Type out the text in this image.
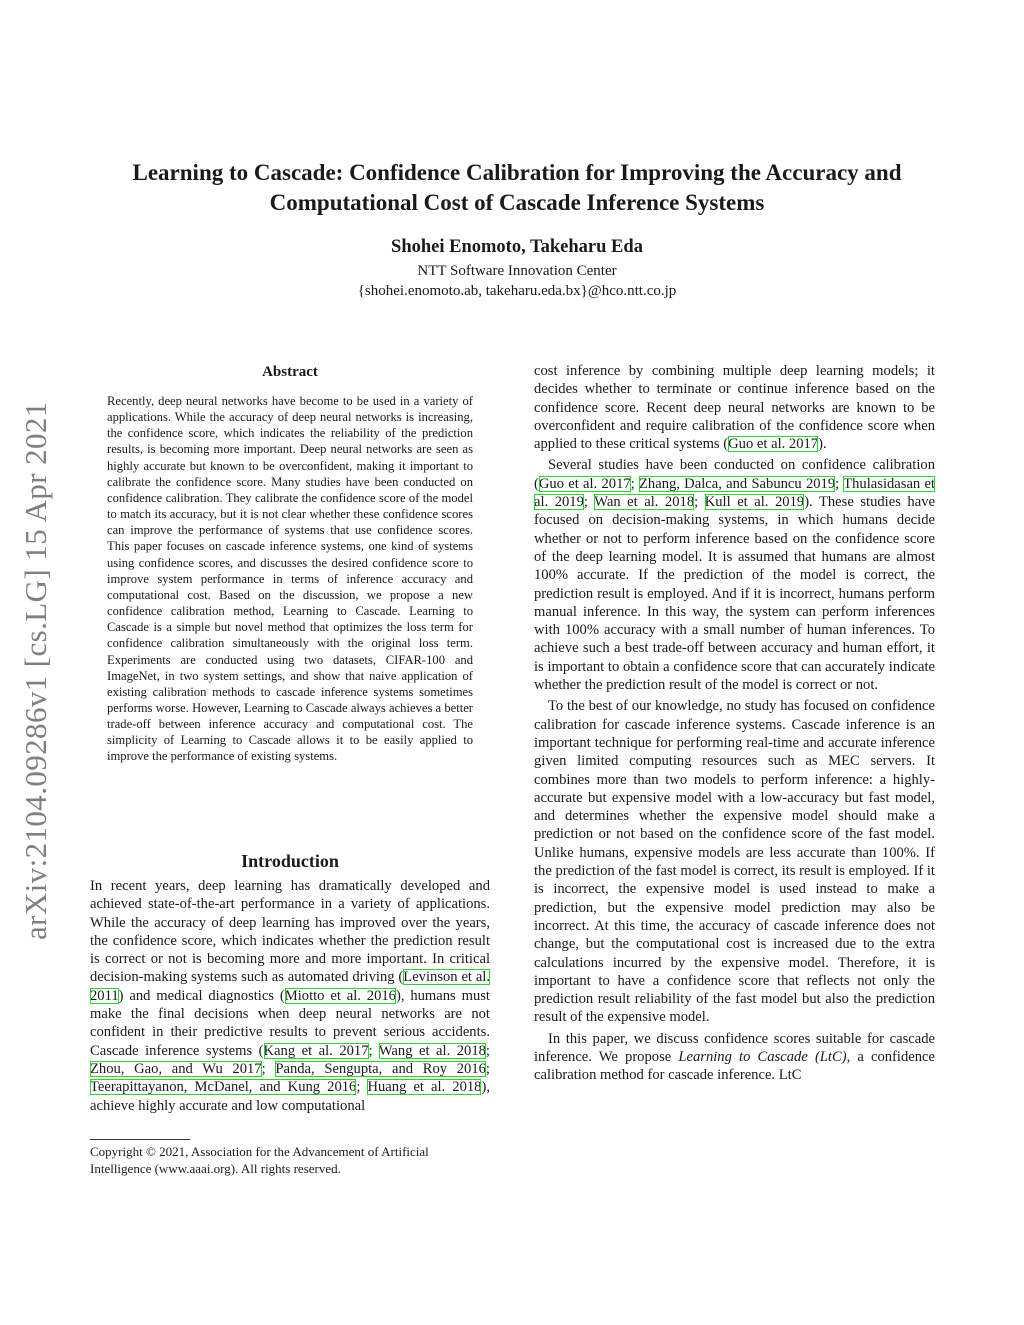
arXiv:2104.09286v1 [cs.LG] 15 Apr 2021
Learning to Cascade: Confidence Calibration for Improving the Accuracy and Computational Cost of Cascade Inference Systems
Shohei Enomoto, Takeharu Eda
NTT Software Innovation Center
{shohei.enomoto.ab, takeharu.eda.bx}@hco.ntt.co.jp
Abstract

Recently, deep neural networks have become to be used in a variety of applications. While the accuracy of deep neural networks is increasing, the confidence score, which indicates the reliability of the prediction results, is becoming more important. Deep neural networks are seen as highly accurate but known to be overconfident, making it important to calibrate the confidence score. Many studies have been conducted on confidence calibration. They calibrate the confidence score of the model to match its accuracy, but it is not clear whether these confidence scores can improve the performance of systems that use confidence scores. This paper focuses on cascade inference systems, one kind of systems using confidence scores, and discusses the desired confidence score to improve system performance in terms of inference accuracy and computational cost. Based on the discussion, we propose a new confidence calibration method, Learning to Cascade. Learning to Cascade is a simple but novel method that optimizes the loss term for confidence calibration simultaneously with the original loss term. Experiments are conducted using two datasets, CIFAR-100 and ImageNet, in two system settings, and show that naive application of existing calibration methods to cascade inference systems sometimes performs worse. However, Learning to Cascade always achieves a better trade-off between inference accuracy and computational cost. The simplicity of Learning to Cascade allows it to be easily applied to improve the performance of existing systems.

Introduction

In recent years, deep learning has dramatically developed and achieved state-of-the-art performance in a variety of applications. While the accuracy of deep learning has improved over the years, the confidence score, which indicates whether the prediction result is correct or not is becoming more and more important. In critical decision-making systems such as automated driving (Levinson et al. 2011) and medical diagnostics (Miotto et al. 2016), humans must make the final decisions when deep neural networks are not confident in their predictive results to prevent serious accidents. Cascade inference systems (Kang et al. 2017; Wang et al. 2018; Zhou, Gao, and Wu 2017; Panda, Sengupta, and Roy 2016; Teerapittayanon, McDanel, and Kung 2016; Huang et al. 2018), achieve highly accurate and low computational

Copyright © 2021, Association for the Advancement of Artificial Intelligence (www.aaai.org). All rights reserved.

cost inference by combining multiple deep learning models; it decides whether to terminate or continue inference based on the confidence score. Recent deep neural networks are known to be overconfident and require calibration of the confidence score when applied to these critical systems (Guo et al. 2017).

Several studies have been conducted on confidence calibration (Guo et al. 2017; Zhang, Dalca, and Sabuncu 2019; Thulasidasan et al. 2019; Wan et al. 2018; Kull et al. 2019). These studies have focused on decision-making systems, in which humans decide whether or not to perform inference based on the confidence score of the deep learning model. It is assumed that humans are almost 100% accurate. If the prediction of the model is correct, the prediction result is employed. And if it is incorrect, humans perform manual inference. In this way, the system can perform inferences with 100% accuracy with a small number of human inferences. To achieve such a best trade-off between accuracy and human effort, it is important to obtain a confidence score that can accurately indicate whether the prediction result of the model is correct or not.

To the best of our knowledge, no study has focused on confidence calibration for cascade inference systems. Cascade inference is an important technique for performing real-time and accurate inference given limited computing resources such as MEC servers. It combines more than two models to perform inference: a highly-accurate but expensive model with a low-accuracy but fast model, and determines whether the expensive model should make a prediction or not based on the confidence score of the fast model. Unlike humans, expensive models are less accurate than 100%. If the prediction of the fast model is correct, its result is employed. If it is incorrect, the expensive model is used instead to make a prediction, but the expensive model prediction may also be incorrect. At this time, the accuracy of cascade inference does not change, but the computational cost is increased due to the extra calculations incurred by the expensive model. Therefore, it is important to have a confidence score that reflects not only the prediction result reliability of the fast model but also the prediction result of the expensive model.

In this paper, we discuss confidence scores suitable for cascade inference. We propose Learning to Cascade (LtC), a confidence calibration method for cascade inference. LtC
